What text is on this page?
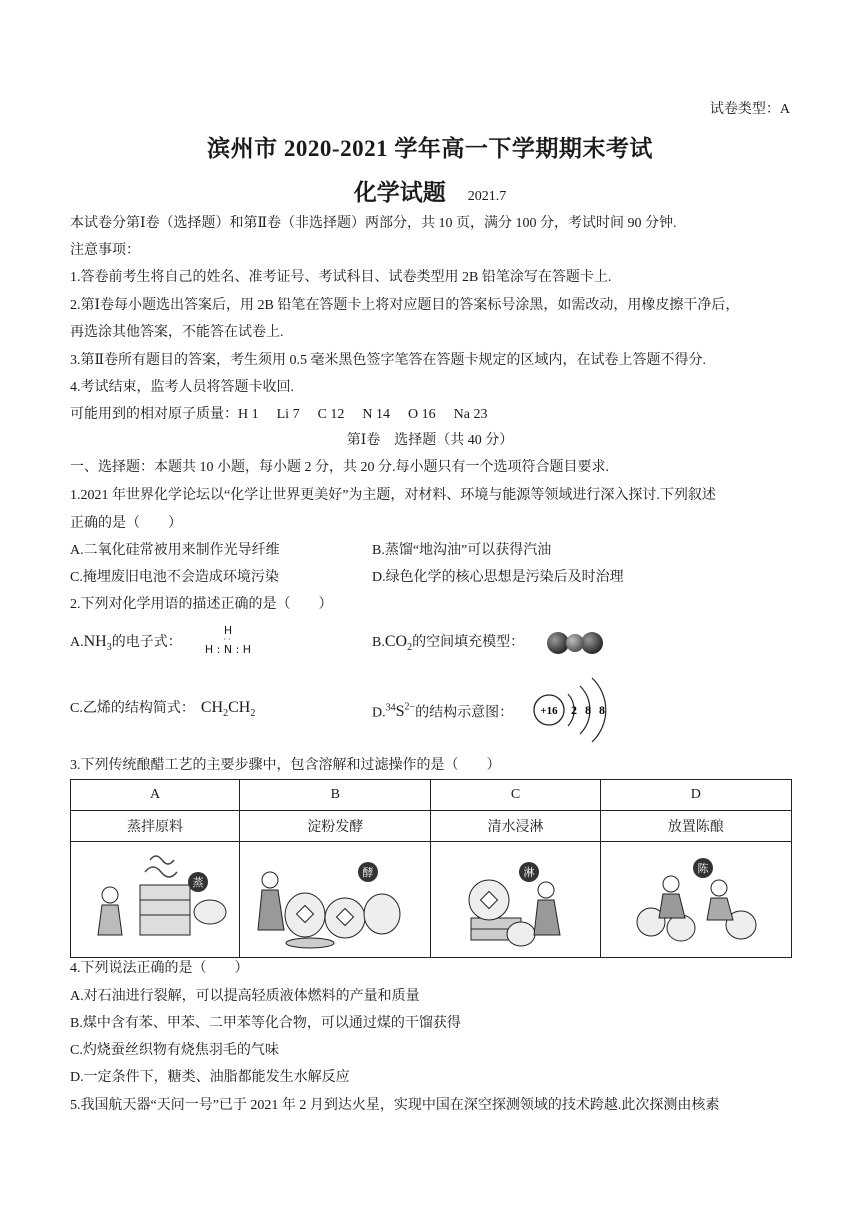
试卷类型：A
滨州市 2020-2021 学年高一下学期期末考试
化学试题 2021.7
本试卷分第Ⅰ卷（选择题）和第Ⅱ卷（非选择题）两部分，共 10 页，满分 100 分，考试时间 90 分钟.
注意事项：
1.答卷前考生将自己的姓名、准考证号、考试科目、试卷类型用 2B 铅笔涂写在答题卡上.
2.第Ⅰ卷每小题选出答案后，用 2B 铅笔在答题卡上将对应题目的答案标号涂黑，如需改动，用橡皮擦干净后，
再选涂其他答案，不能答在试卷上.
3.第Ⅱ卷所有题目的答案，考生须用 0.5 毫米黑色签字笔答在答题卡规定的区域内，在试卷上答题不得分.
4.考试结束，监考人员将答题卡收回.
可能用到的相对原子质量：H 1 Li 7 C 12 N 14 O 16 Na 23
第Ⅰ卷　选择题（共 40 分）
一、选择题：本题共 10 小题，每小题 2 分，共 20 分.每小题只有一个选项符合题目要求.
1.2021 年世界化学论坛以“化学让世界更美好”为主题，对材料、环境与能源等领域进行深入探讨.下列叙述
正确的是（　　）
A.二氧化硅常被用来制作光导纤维	B.蒸馏“地沟油”可以获得汽油
C.掩埋废旧电池不会造成环境污染	D.绿色化学的核心思想是污染后及时治理
2.下列对化学用语的描述正确的是（　　）
$A.NH_3$的电子式：
H
··
H : N : H	$B.CO_2$的空间填充模型：
C.乙烯的结构简式： $CH_2CH_2$	$D.^{34}S^{2-}$的结构示意图： +16 2 8 8
3.下列传统酿醋工艺的主要步骤中，包含溶解和过滤操作的是（　　）
A	B	C	D
蒸拌原料	淀粉发酵	清水浸淋	放置陈酿

蒸	酵	淋	陈
4.下列说法正确的是（　　）
A.对石油进行裂解，可以提高轻质液体燃料的产量和质量
B.煤中含有苯、甲苯、二甲苯等化合物，可以通过煤的干馏获得
C.灼烧蚕丝织物有烧焦羽毛的气味
D.一定条件下，糖类、油脂都能发生水解反应
5.我国航天器“天问一号”已于 2021 年 2 月到达火星，实现中国在深空探测领域的技术跨越.此次探测由核素
